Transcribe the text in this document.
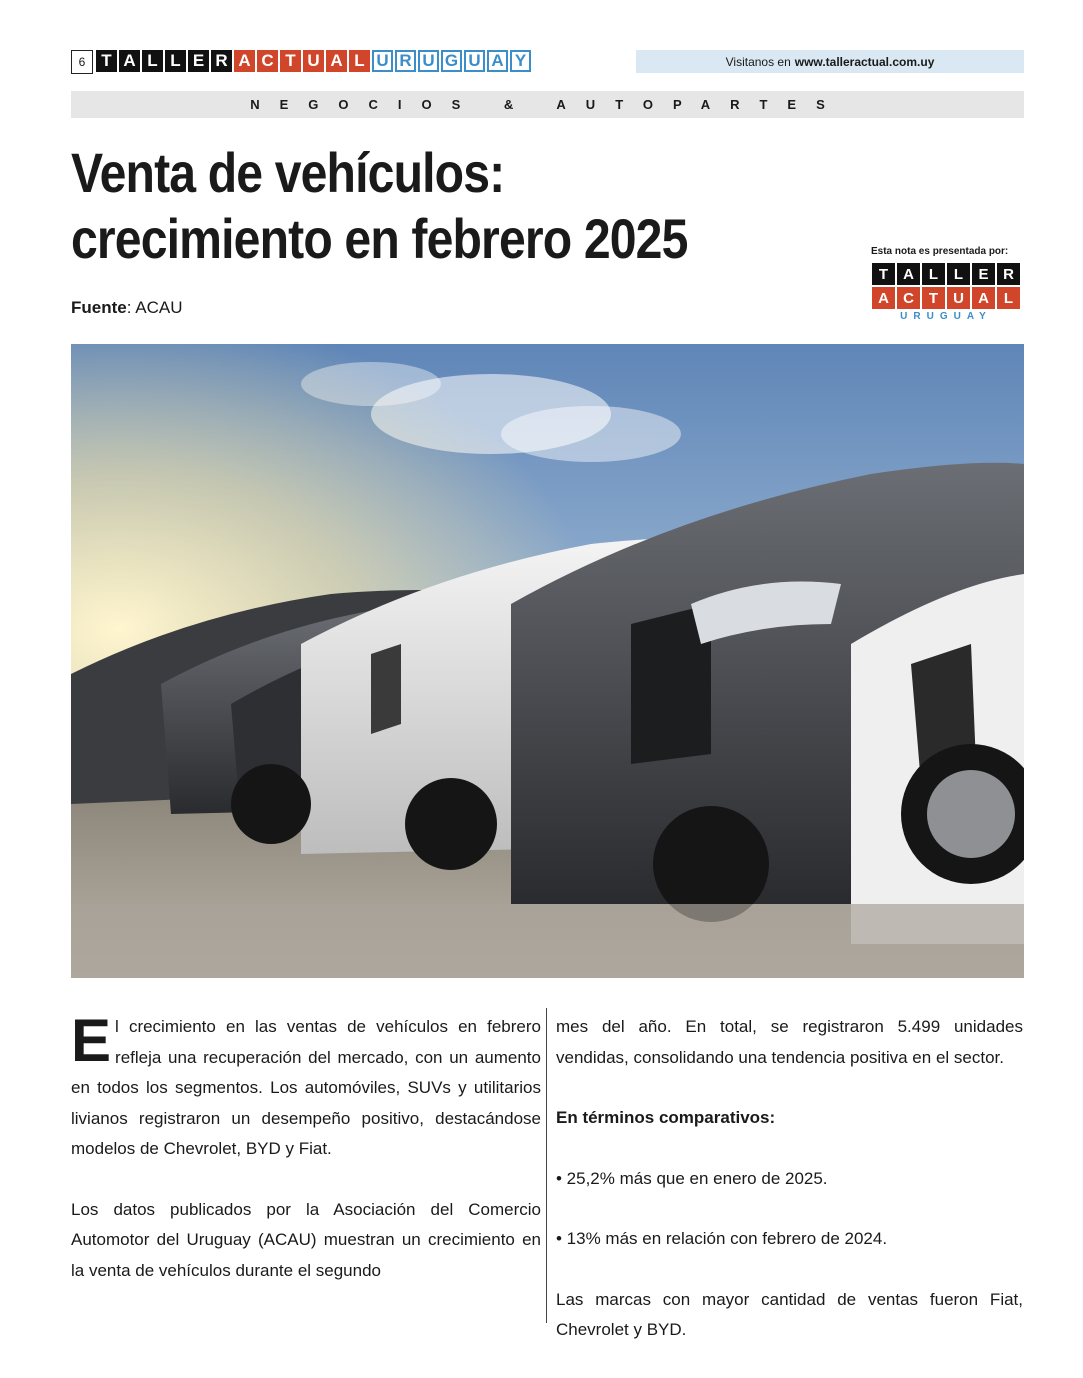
6 T A L L E R A C T U A L U R U G U A Y	Visitanos en www.talleractual.com.uy
NEGOCIOS & AUTOPARTES
Venta de vehículos:
crecimiento en febrero 2025
Fuente: ACAU
Esta nota es presentada por:
T	A L	L	E R
A C T	U A L
URUGUAY

El crecimiento en las ventas de vehículos en febrero refleja una recuperación del mercado, con un aumento en todos los segmentos. Los automóviles, SUVs y utilitarios livianos registraron un desempeño positivo, destacándose modelos de Chevrolet, BYD y Fiat.

Los datos publicados por la Asociación del Comercio Automotor del Uruguay (ACAU) muestran un crecimiento en la venta de vehículos durante el segundo

mes del año. En total, se registraron 5.499 unidades vendidas, consolidando una tendencia positiva en el sector.

En términos comparativos:

• 25,2% más que en enero de 2025.

• 13% más en relación con febrero de 2024.

Las marcas con mayor cantidad de ventas fueron Fiat, Chevrolet y BYD.
